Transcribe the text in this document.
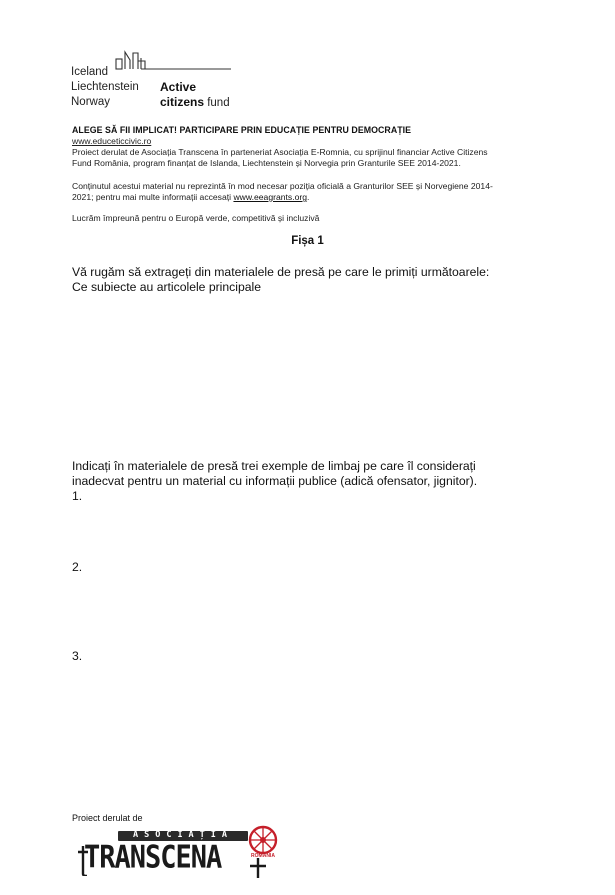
Iceland
Liechtenstein
Norway
Active
citizens fund
ALEGE SĂ FII IMPLICAT! PARTICIPARE PRIN EDUCAȚIE PENTRU DEMOCRAȚIE
www.educeticcivic.ro
Proiect derulat de Asociația Transcena în parteneriat Asociația E-Romnia, cu sprijinul financiar Active Citizens
Fund România, program finanțat de Islanda, Liechtenstein și Norvegia prin Granturile SEE 2014-2021.
Conținutul acestui material nu reprezintă în mod necesar poziția oficială a Granturilor SEE și Norvegiene 2014-
2021; pentru mai multe informații accesați www.eeagrants.org.
Lucrăm împreună pentru o Europă verde, competitivă și incluzivă
Fișa 1
Vă rugăm să extrageți din materialele de presă pe care le primiți următoarele:
Ce subiecte au articolele principale
Indicați în materialele de presă trei exemple de limbaj pe care îl considerați
inadecvat pentru un material cu informații publice (adică ofensator, jignitor).
1.
2.
3.
Proiect derulat de
ASOCIAȚIA
TRANSCENA	ROMANIA
